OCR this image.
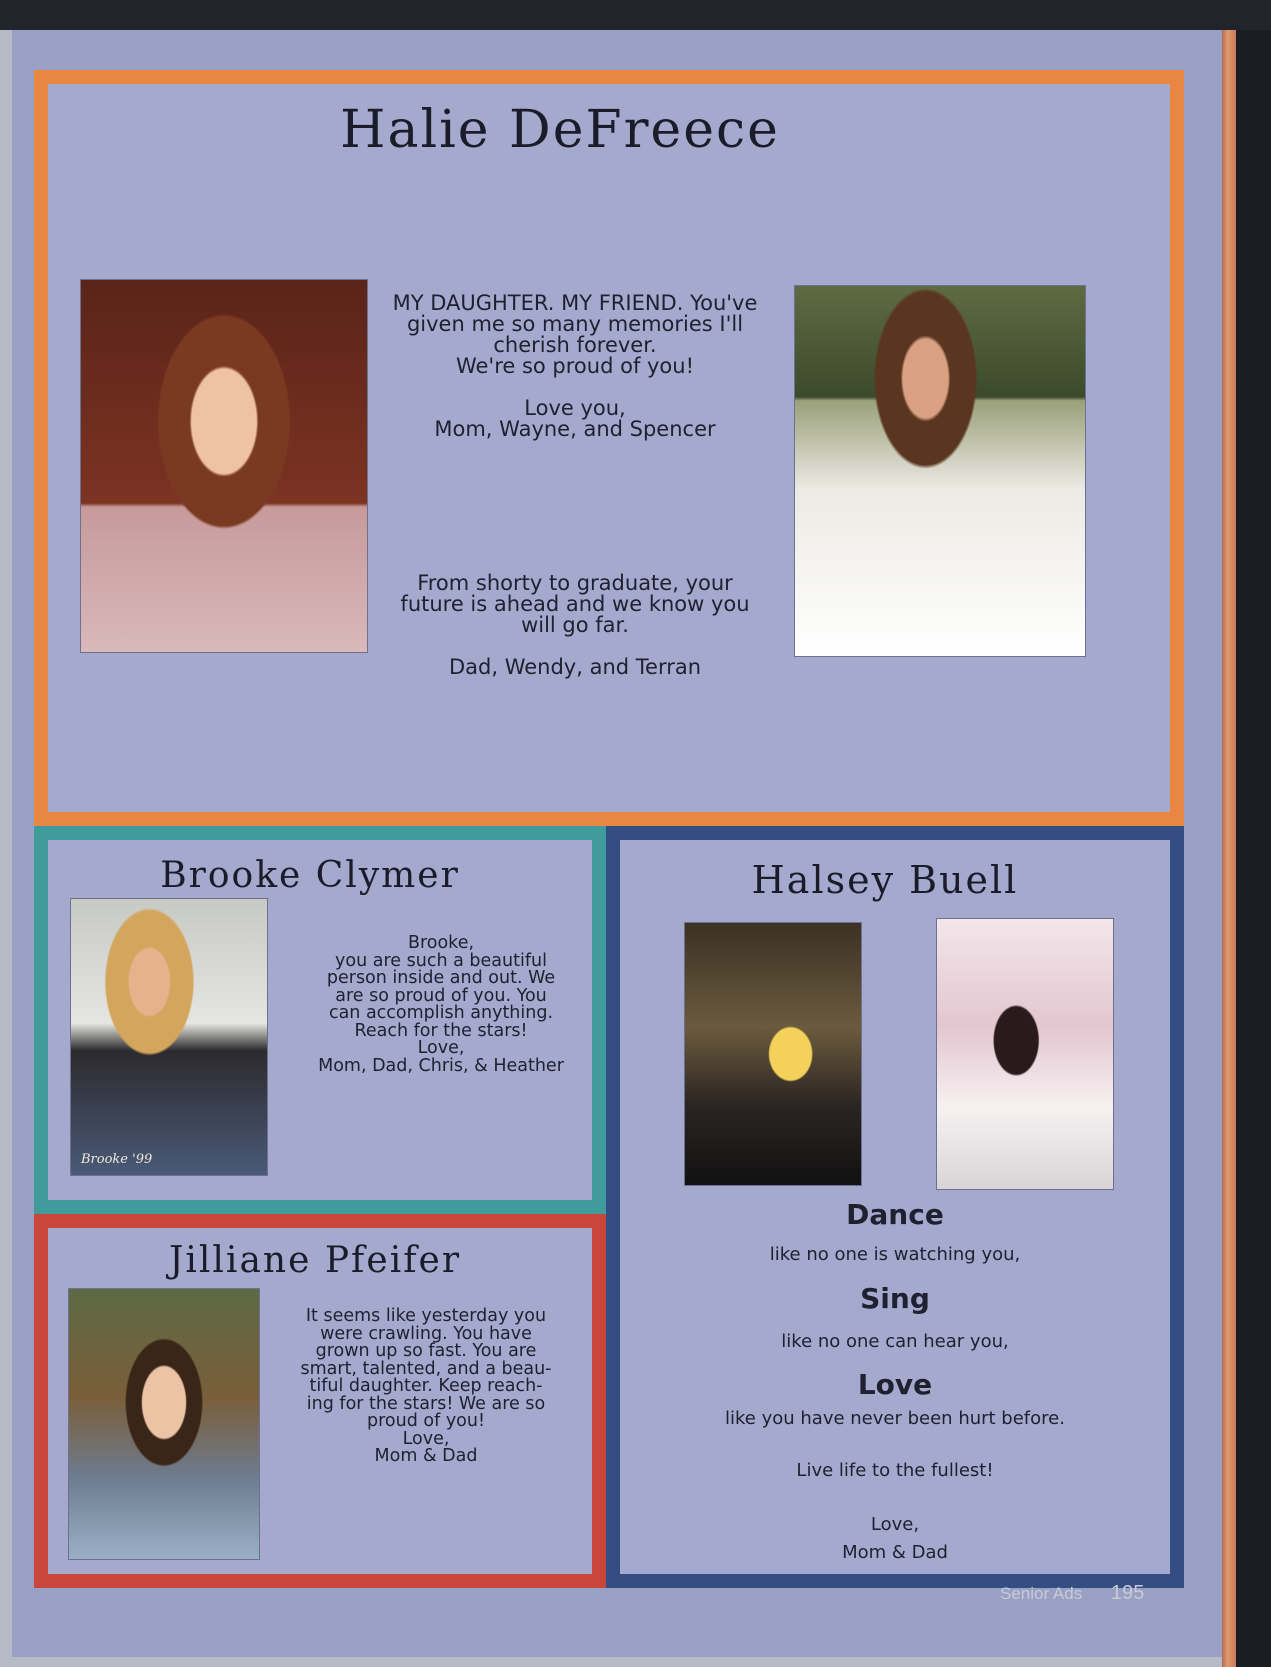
Halie DeFreece
MY DAUGHTER. MY FRIEND. You've
given me so many memories I'll
cherish forever.
We're so proud of you!
Love you,
Mom, Wayne, and Spencer
From shorty to graduate, your
future is ahead and we know you
will go far.
Dad, Wendy, and Terran
Brooke Clymer
Brooke '99
Brooke,
you are such a beautiful
person inside and out. We
are so proud of you. You
can accomplish anything.
Reach for the stars!
Love,
Mom, Dad, Chris, & Heather
Halsey Buell
Dance
like no one is watching you,
Sing
like no one can hear you,
Love
like you have never been hurt before.
Live life to the fullest!
Love,
Mom & Dad
Jilliane Pfeifer
It seems like yesterday you
were crawling. You have
grown up so fast. You are
smart, talented, and a beau-
tiful daughter. Keep reach-
ing for the stars! We are so
proud of you!
Love,
Mom & Dad
Senior Ads 195
